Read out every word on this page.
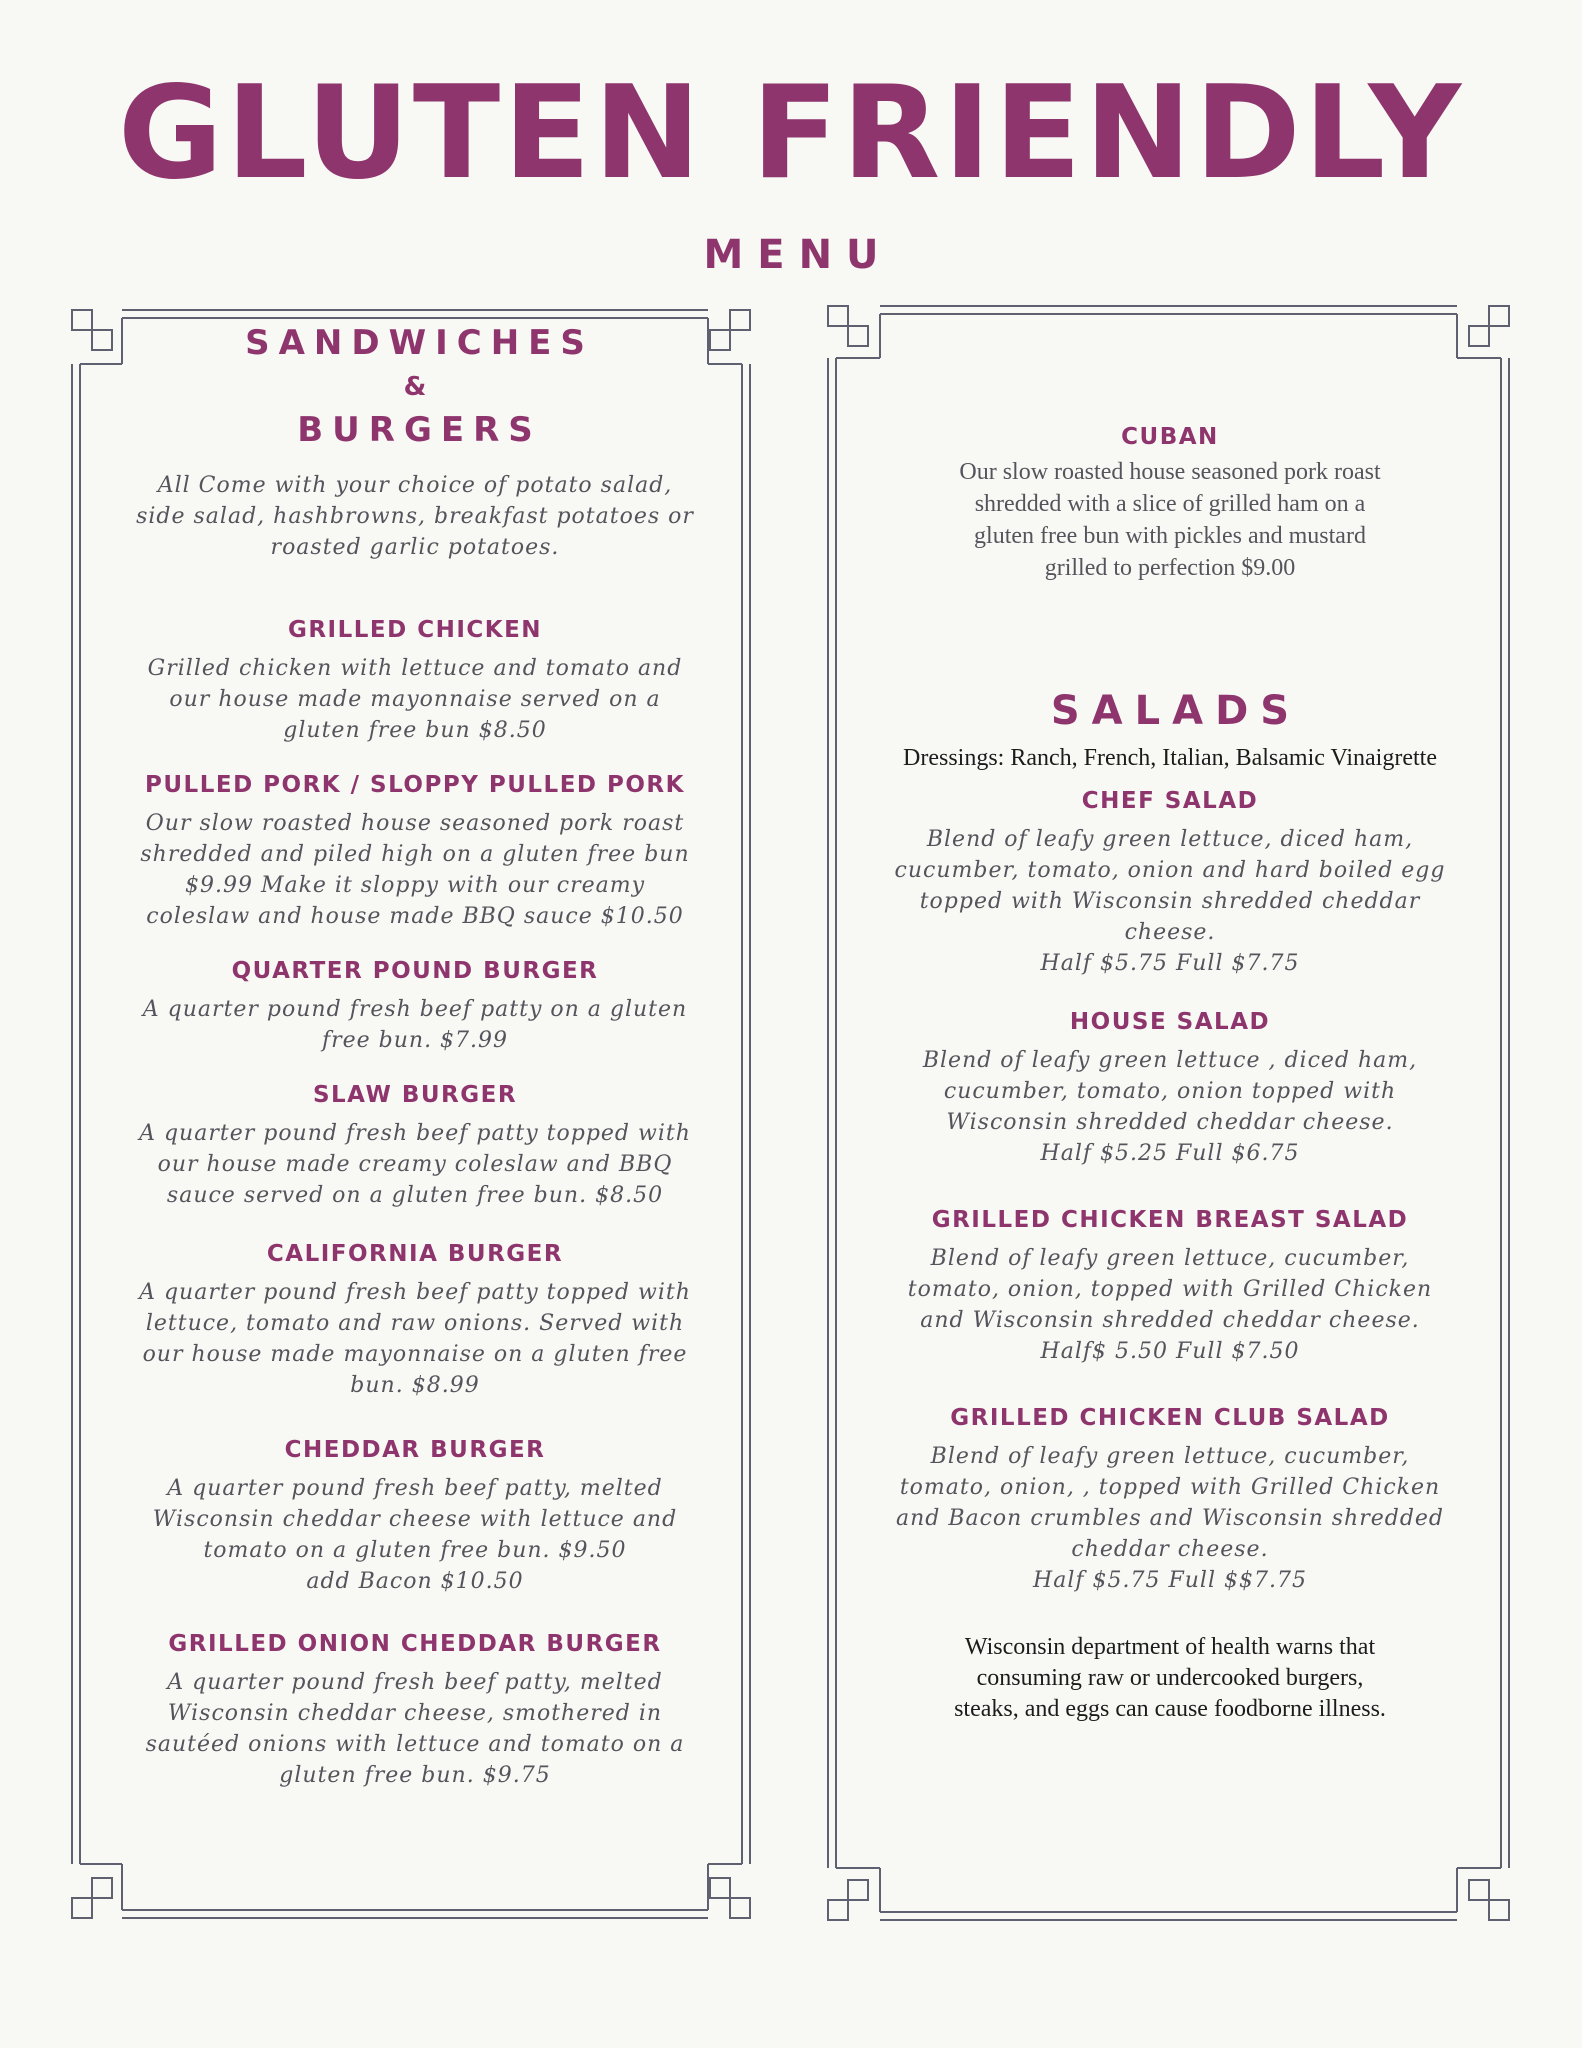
GLUTEN FRIENDLY
MENU
SANDWICHES
&
BURGERS
All Come with your choice of potato salad,
side salad, hashbrowns, breakfast potatoes or
roasted garlic potatoes.
GRILLED CHICKEN
Grilled chicken with lettuce and tomato and
our house made mayonnaise served on a
gluten free bun $8.50
PULLED PORK / SLOPPY PULLED PORK
Our slow roasted house seasoned pork roast
shredded and piled high on a gluten free bun
$9.99 Make it sloppy with our creamy
coleslaw and house made BBQ sauce $10.50
QUARTER POUND BURGER
A quarter pound fresh beef patty on a gluten
free bun. $7.99
SLAW BURGER
A quarter pound fresh beef patty topped with
our house made creamy coleslaw and BBQ
sauce served on a gluten free bun. $8.50
CALIFORNIA BURGER
A quarter pound fresh beef patty topped with
lettuce, tomato and raw onions. Served with
our house made mayonnaise on a gluten free
bun. $8.99
CHEDDAR BURGER
A quarter pound fresh beef patty, melted
Wisconsin cheddar cheese with lettuce and
tomato on a gluten free bun. $9.50
add Bacon $10.50
GRILLED ONION CHEDDAR BURGER
A quarter pound fresh beef patty, melted
Wisconsin cheddar cheese, smothered in
sautéed onions with lettuce and tomato on a
gluten free bun. $9.75
CUBAN
Our slow roasted house seasoned pork roast
shredded with a slice of grilled ham on a
gluten free bun with pickles and mustard
grilled to perfection $9.00
SALADS
Dressings: Ranch, French, Italian, Balsamic Vinaigrette
CHEF SALAD
Blend of leafy green lettuce, diced ham,
cucumber, tomato, onion and hard boiled egg
topped with Wisconsin shredded cheddar
cheese.
Half $5.75 Full $7.75
HOUSE SALAD
Blend of leafy green lettuce , diced ham,
cucumber, tomato, onion topped with
Wisconsin shredded cheddar cheese.
Half $5.25 Full $6.75
GRILLED CHICKEN BREAST SALAD
Blend of leafy green lettuce, cucumber,
tomato, onion, topped with Grilled Chicken
and Wisconsin shredded cheddar cheese.
Half$ 5.50 Full $7.50
GRILLED CHICKEN CLUB SALAD
Blend of leafy green lettuce, cucumber,
tomato, onion, , topped with Grilled Chicken
and Bacon crumbles and Wisconsin shredded
cheddar cheese.
Half $5.75 Full $$7.75
Wisconsin department of health warns that
consuming raw or undercooked burgers,
steaks, and eggs can cause foodborne illness.
